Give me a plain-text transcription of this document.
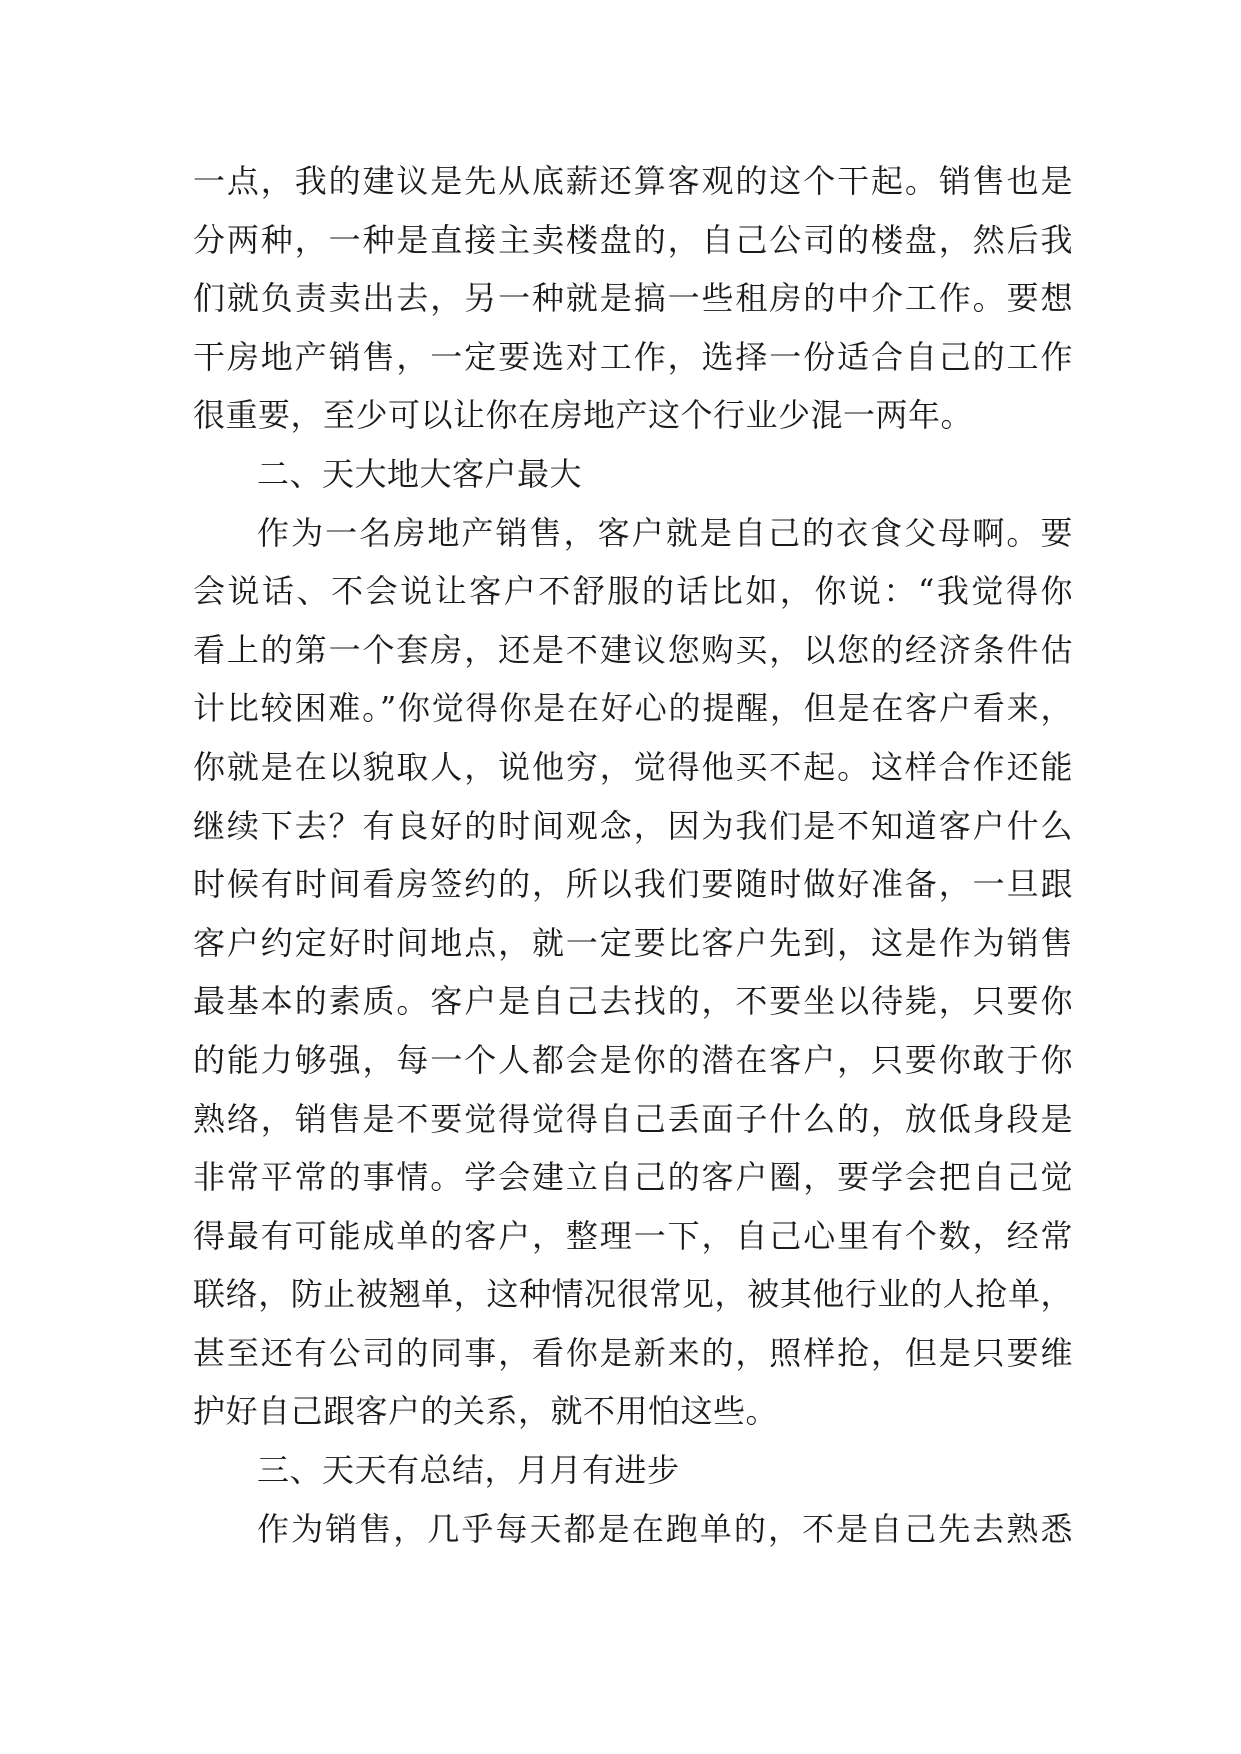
一点，我的建议是先从底薪还算客观的这个干起。销售也是
分两种，一种是直接主卖楼盘的，自己公司的楼盘，然后我
们就负责卖出去，另一种就是搞一些租房的中介工作。要想
干房地产销售，一定要选对工作，选择一份适合自己的工作
很重要，至少可以让你在房地产这个行业少混一两年。
二、天大地大客户最大
作为一名房地产销售，客户就是自己的衣食父母啊。要
会说话、不会说让客户不舒服的话比如，你说：“我觉得你
看上的第一个套房，还是不建议您购买，以您的经济条件估
计比较困难。”你觉得你是在好心的提醒，但是在客户看来，
你就是在以貌取人，说他穷，觉得他买不起。这样合作还能
继续下去？有良好的时间观念，因为我们是不知道客户什么
时候有时间看房签约的，所以我们要随时做好准备，一旦跟
客户约定好时间地点，就一定要比客户先到，这是作为销售
最基本的素质。客户是自己去找的，不要坐以待毙，只要你
的能力够强，每一个人都会是你的潜在客户，只要你敢于你
熟络，销售是不要觉得觉得自己丢面子什么的，放低身段是
非常平常的事情。学会建立自己的客户圈，要学会把自己觉
得最有可能成单的客户，整理一下，自己心里有个数，经常
联络，防止被翘单，这种情况很常见，被其他行业的人抢单，
甚至还有公司的同事，看你是新来的，照样抢，但是只要维
护好自己跟客户的关系，就不用怕这些。
三、天天有总结，月月有进步
作为销售，几乎每天都是在跑单的，不是自己先去熟悉
